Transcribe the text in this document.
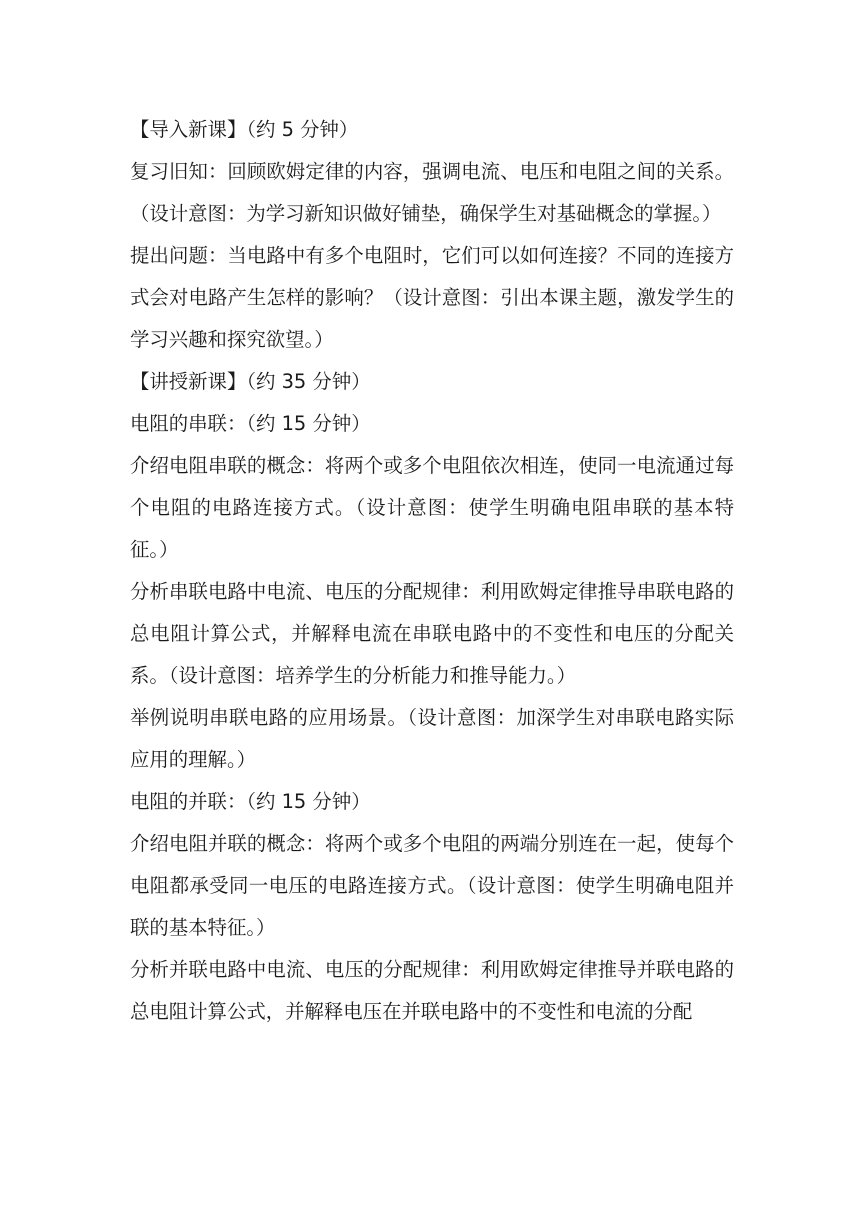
【导入新课】（约 5 分钟）

复习旧知：回顾欧姆定律的内容，强调电流、电压和电阻之间的关系。（设计意图：为学习新知识做好铺垫，确保学生对基础概念的掌握。）

提出问题：当电路中有多个电阻时，它们可以如何连接？不同的连接方式会对电路产生怎样的影响？（设计意图：引出本课主题，激发学生的学习兴趣和探究欲望。）

【讲授新课】（约 35 分钟）

电阻的串联：（约 15 分钟）

介绍电阻串联的概念：将两个或多个电阻依次相连，使同一电流通过每个电阻的电路连接方式。（设计意图：使学生明确电阻串联的基本特征。）

分析串联电路中电流、电压的分配规律：利用欧姆定律推导串联电路的总电阻计算公式，并解释电流在串联电路中的不变性和电压的分配关系。（设计意图：培养学生的分析能力和推导能力。）

举例说明串联电路的应用场景。（设计意图：加深学生对串联电路实际应用的理解。）

电阻的并联：（约 15 分钟）

介绍电阻并联的概念：将两个或多个电阻的两端分别连在一起，使每个电阻都承受同一电压的电路连接方式。（设计意图：使学生明确电阻并联的基本特征。）

分析并联电路中电流、电压的分配规律：利用欧姆定律推导并联电路的总电阻计算公式，并解释电压在并联电路中的不变性和电流的分配
